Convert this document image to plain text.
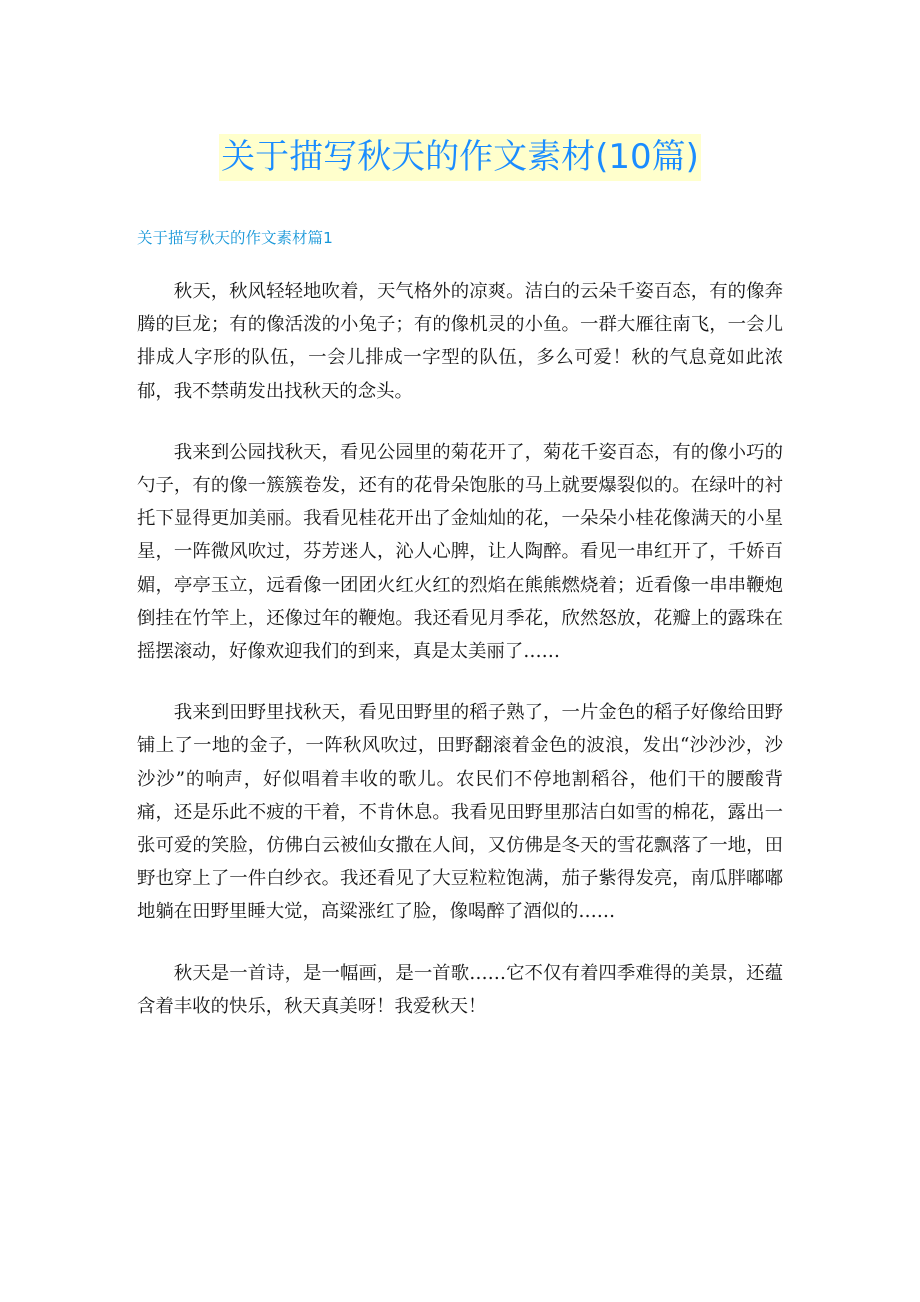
关于描写秋天的作文素材(10篇)
关于描写秋天的作文素材篇1

秋天，秋风轻轻地吹着，天气格外的凉爽。洁白的云朵千姿百态，有的像奔腾的巨龙；有的像活泼的小兔子；有的像机灵的小鱼。一群大雁往南飞，一会儿排成人字形的队伍，一会儿排成一字型的队伍，多么可爱！秋的气息竟如此浓郁，我不禁萌发出找秋天的念头。

我来到公园找秋天，看见公园里的菊花开了，菊花千姿百态，有的像小巧的勺子，有的像一簇簇卷发，还有的花骨朵饱胀的马上就要爆裂似的。在绿叶的衬托下显得更加美丽。我看见桂花开出了金灿灿的花，一朵朵小桂花像满天的小星星，一阵微风吹过，芬芳迷人，沁人心脾，让人陶醉。看见一串红开了，千娇百媚，亭亭玉立，远看像一团团火红火红的烈焰在熊熊燃烧着；近看像一串串鞭炮倒挂在竹竿上，还像过年的鞭炮。我还看见月季花，欣然怒放，花瓣上的露珠在摇摆滚动，好像欢迎我们的到来，真是太美丽了……

我来到田野里找秋天，看见田野里的稻子熟了，一片金色的稻子好像给田野铺上了一地的金子，一阵秋风吹过，田野翻滚着金色的波浪，发出“沙沙沙，沙沙沙”的响声，好似唱着丰收的歌儿。农民们不停地割稻谷，他们干的腰酸背痛，还是乐此不疲的干着，不肯休息。我看见田野里那洁白如雪的棉花，露出一张可爱的笑脸，仿佛白云被仙女撒在人间，又仿佛是冬天的雪花飘落了一地，田野也穿上了一件白纱衣。我还看见了大豆粒粒饱满，茄子紫得发亮，南瓜胖嘟嘟地躺在田野里睡大觉，高粱涨红了脸，像喝醉了酒似的……

秋天是一首诗，是一幅画，是一首歌……它不仅有着四季难得的美景，还蕴含着丰收的快乐，秋天真美呀！我爱秋天！
